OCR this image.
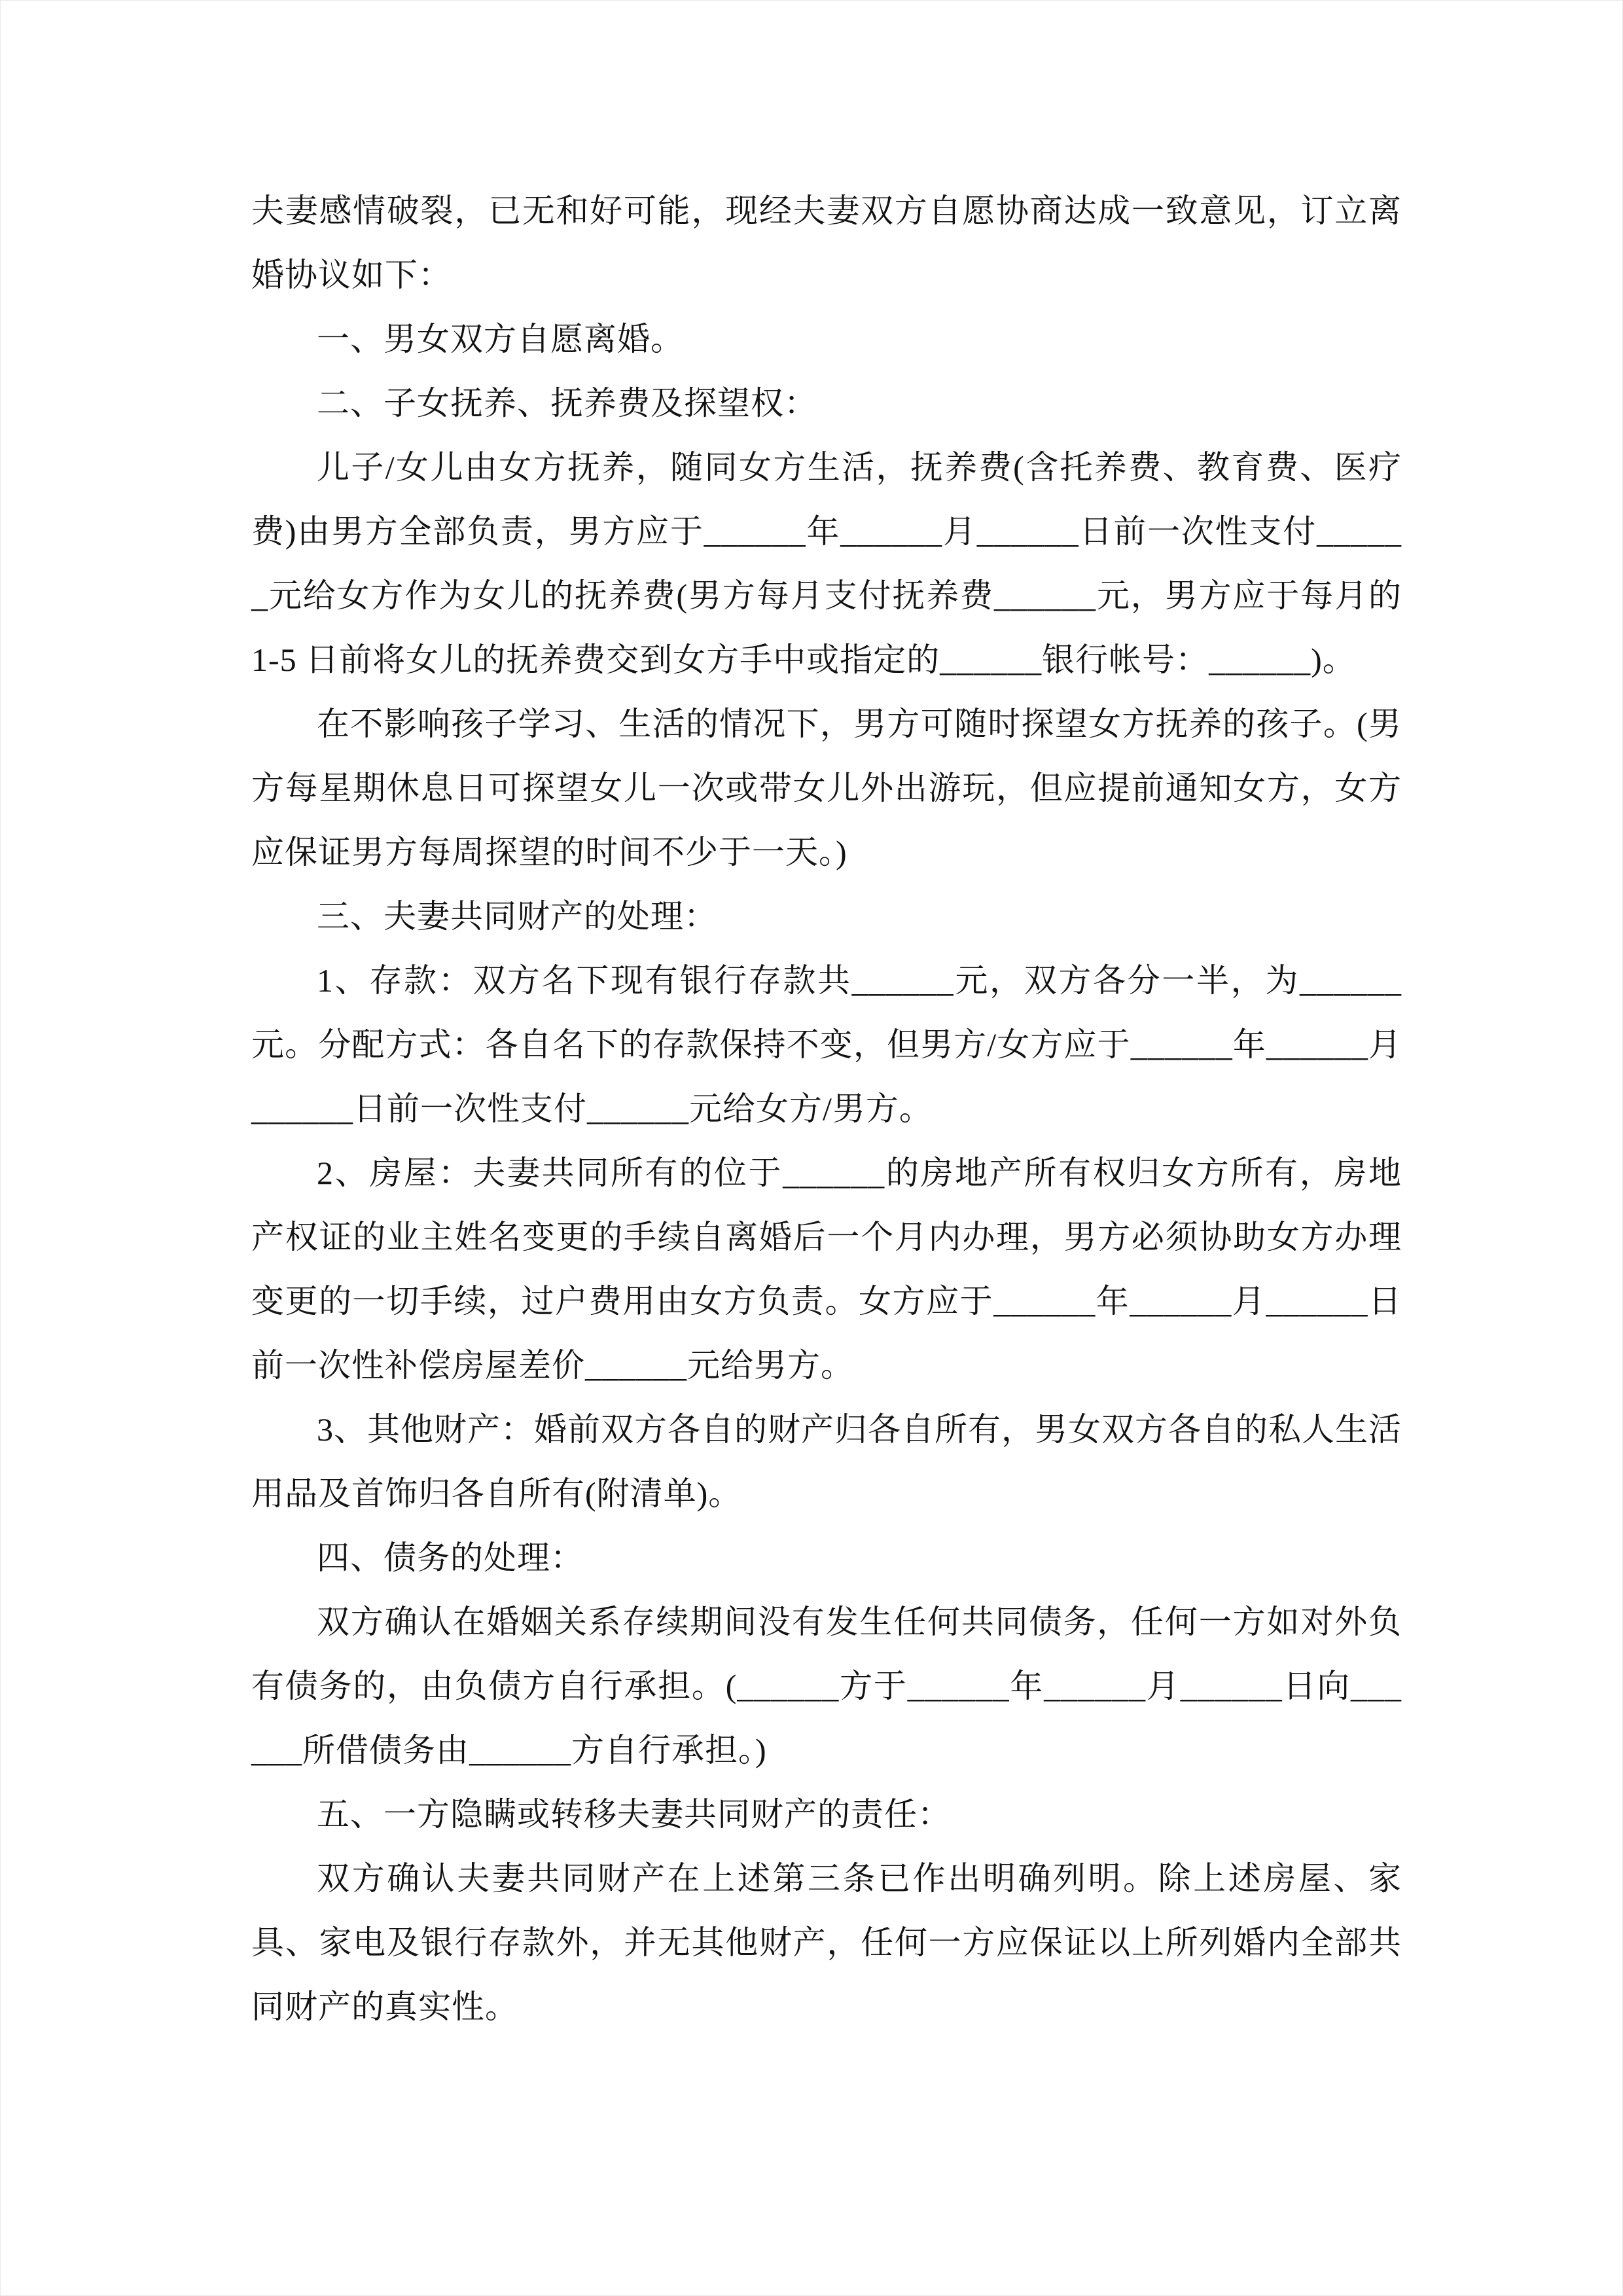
夫妻感情破裂，已无和好可能，现经夫妻双方自愿协商达成一致意见，订立离婚协议如下：

一、男女双方自愿离婚。

二、子女抚养、抚养费及探望权：

儿子/女儿由女方抚养，随同女方生活，抚养费(含托养费、教育费、医疗费)由男方全部负责，男方应于______年______月______日前一次性支付______元给女方作为女儿的抚养费(男方每月支付抚养费______元，男方应于每月的 1-5 日前将女儿的抚养费交到女方手中或指定的______银行帐号：______)。

在不影响孩子学习、生活的情况下，男方可随时探望女方抚养的孩子。(男方每星期休息日可探望女儿一次或带女儿外出游玩，但应提前通知女方，女方应保证男方每周探望的时间不少于一天。)

三、夫妻共同财产的处理：

1、存款：双方名下现有银行存款共______元，双方各分一半，为______元。分配方式：各自名下的存款保持不变，但男方/女方应于______年______月______日前一次性支付______元给女方/男方。

2、房屋：夫妻共同所有的位于______的房地产所有权归女方所有，房地产权证的业主姓名变更的手续自离婚后一个月内办理，男方必须协助女方办理变更的一切手续，过户费用由女方负责。女方应于______年______月______日前一次性补偿房屋差价______元给男方。

3、其他财产：婚前双方各自的财产归各自所有，男女双方各自的私人生活用品及首饰归各自所有(附清单)。

四、债务的处理：

双方确认在婚姻关系存续期间没有发生任何共同债务，任何一方如对外负有债务的，由负债方自行承担。(______方于______年______月______日向______所借债务由______方自行承担。)

五、一方隐瞒或转移夫妻共同财产的责任：

双方确认夫妻共同财产在上述第三条已作出明确列明。除上述房屋、家具、家电及银行存款外，并无其他财产，任何一方应保证以上所列婚内全部共同财产的真实性。
